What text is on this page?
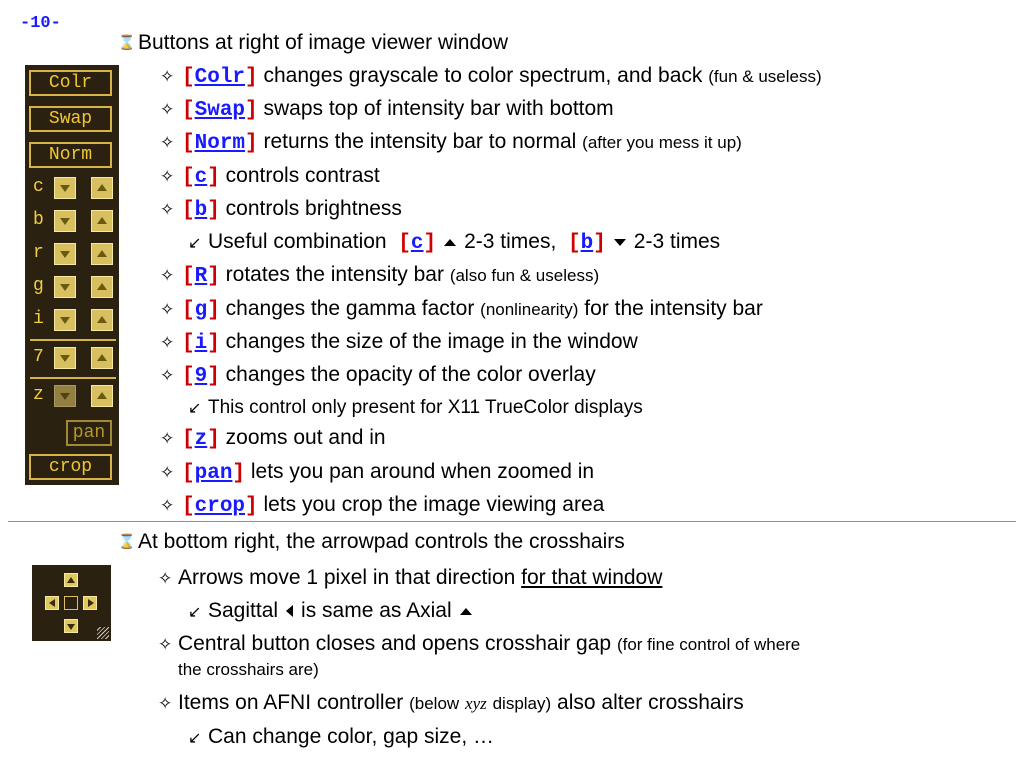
-10-
Colr
Swap
Norm
c
b
r
g
i
7
z
pan
crop
⌛ Buttons at right of image viewer window
✧ [Colr] changes grayscale to color spectrum, and back (fun & useless)
✧ [Swap] swaps top of intensity bar with bottom
✧ [Norm] returns the intensity bar to normal (after you mess it up)
✧ [c] controls contrast
✧ [b] controls brightness
↙ Useful combination [c] 2-3 times, [b] 2-3 times
✧ [R] rotates the intensity bar (also fun & useless)
✧ [g] changes the gamma factor (nonlinearity) for the intensity bar
✧ [i] changes the size of the image in the window
✧ [9] changes the opacity of the color overlay
↙ This control only present for X11 TrueColor displays
✧ [z] zooms out and in
✧ [pan] lets you pan around when zoomed in
✧ [crop] lets you crop the image viewing area
⌛ At bottom right, the arrowpad controls the crosshairs
✧ Arrows move 1 pixel in that direction for that window
↙ Sagittal is same as Axial
✧ Central button closes and opens crosshair gap (for fine control of where
the crosshairs are)
✧ Items on AFNI controller (below xyz display) also alter crosshairs
↙ Can change color, gap size, …
